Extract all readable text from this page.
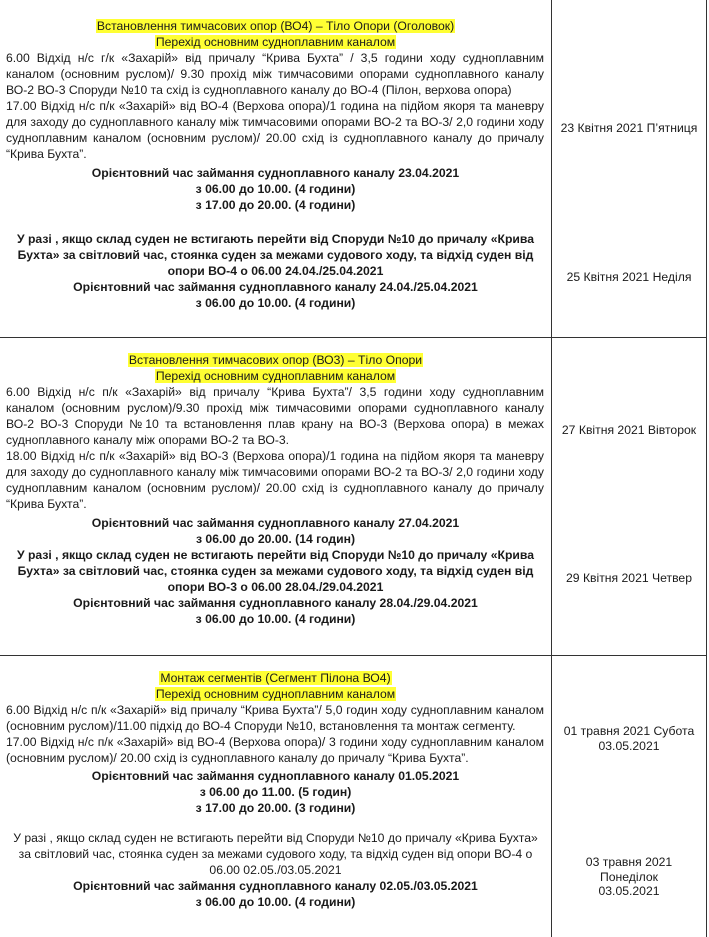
Встановлення тимчасових опор (ВО4) – Тіло Опори (Оголовок)
Перехід основним судноплавним каналом

6.00 Відхід н/с г/к «Захарій» від причалу “Крива Бухта” / 3,5 години ходу судноплавним каналом (основним руслом)/ 9.30 прохід між тимчасовими опорами судноплавного каналу ВО-2 ВО-3 Споруди №10 та схід із судноплавного каналу до ВО-4 (Пілон, верхова опора)

17.00 Відхід н/с п/к «Захарій» від ВО-4 (Верхова опора)/1 година на підйом якоря та маневру для заходу до судноплавного каналу між тимчасовими опорами ВО-2 та ВО-3/ 2,0 години ходу судноплавним каналом (основним руслом)/ 20.00 схід із судноплавного каналу до причалу “Крива Бухта”.

Орієнтовний час займання судноплавного каналу 23.04.2021

з 06.00 до 10.00. (4 години)

з 17.00 до 20.00. (4 години)

У разі , якщо склад суден не встигають перейти від Споруди №10 до причалу «Крива Бухта» за світловий час, стоянка суден за межами судового ходу, та відхід суден від опори ВО-4 о 06.00 24.04./25.04.2021

Орієнтовний час займання судноплавного каналу 24.04./25.04.2021

з 06.00 до 10.00. (4 години)

23 Квітня 2021 П’ятниця
25 Квітня 2021 Неділя
Встановлення тимчасових опор (ВО3) – Тіло Опори
Перехід основним судноплавним каналом

6.00 Відхід н/с п/к «Захарій» від причалу “Крива Бухта”/ 3,5 години ходу судноплавним каналом (основним руслом)/9.30 прохід між тимчасовими опорами судноплавного каналу ВО-2 ВО-3 Споруди №10 та встановлення плав крану на ВО-3 (Верхова опора) в межах судноплавного каналу між опорами ВО-2 та ВО-3.

18.00 Відхід н/с п/к «Захарій» від ВО-3 (Верхова опора)/1 година на підйом якоря та маневру для заходу до судноплавного каналу між тимчасовими опорами ВО-2 та ВО-3/ 2,0 години ходу судноплавним каналом (основним руслом)/ 20.00 схід із судноплавного каналу до причалу “Крива Бухта”.

Орієнтовний час займання судноплавного каналу 27.04.2021

з 06.00 до 20.00. (14 годин)

У разі , якщо склад суден не встигають перейти від Споруди №10 до причалу «Крива Бухта» за світловий час, стоянка суден за межами судового ходу, та відхід суден від опори ВО-3 о 06.00 28.04./29.04.2021

Орієнтовний час займання судноплавного каналу 28.04./29.04.2021

з 06.00 до 10.00. (4 години)

27 Квітня 2021 Вівторок
29 Квітня 2021 Четвер
Монтаж сегментів (Сегмент Пілона ВО4)
Перехід основним судноплавним каналом

6.00 Відхід н/с п/к «Захарій» від причалу “Крива Бухта”/ 5,0 годин ходу судноплавним каналом (основним руслом)/11.00 підхід до ВО-4 Споруди №10, встановлення та монтаж сегменту.

17.00 Відхід н/с п/к «Захарій» від ВО-4 (Верхова опора)/ 3 години ходу судноплавним каналом (основним руслом)/ 20.00 схід із судноплавного каналу до причалу “Крива Бухта”.

Орієнтовний час займання судноплавного каналу 01.05.2021

з 06.00 до 11.00. (5 годин)

з 17.00 до 20.00. (3 години)

У разі , якщо склад суден не встигають перейти від Споруди №10 до причалу «Крива Бухта» за світловий час, стоянка суден за межами судового ходу, та відхід суден від опори ВО-4 о 06.00 02.05./03.05.2021

Орієнтовний час займання судноплавного каналу 02.05./03.05.2021

з 06.00 до 10.00. (4 години)

01 травня 2021 Субота
03.05.2021
03 травня 2021
Понеділок
03.05.2021
